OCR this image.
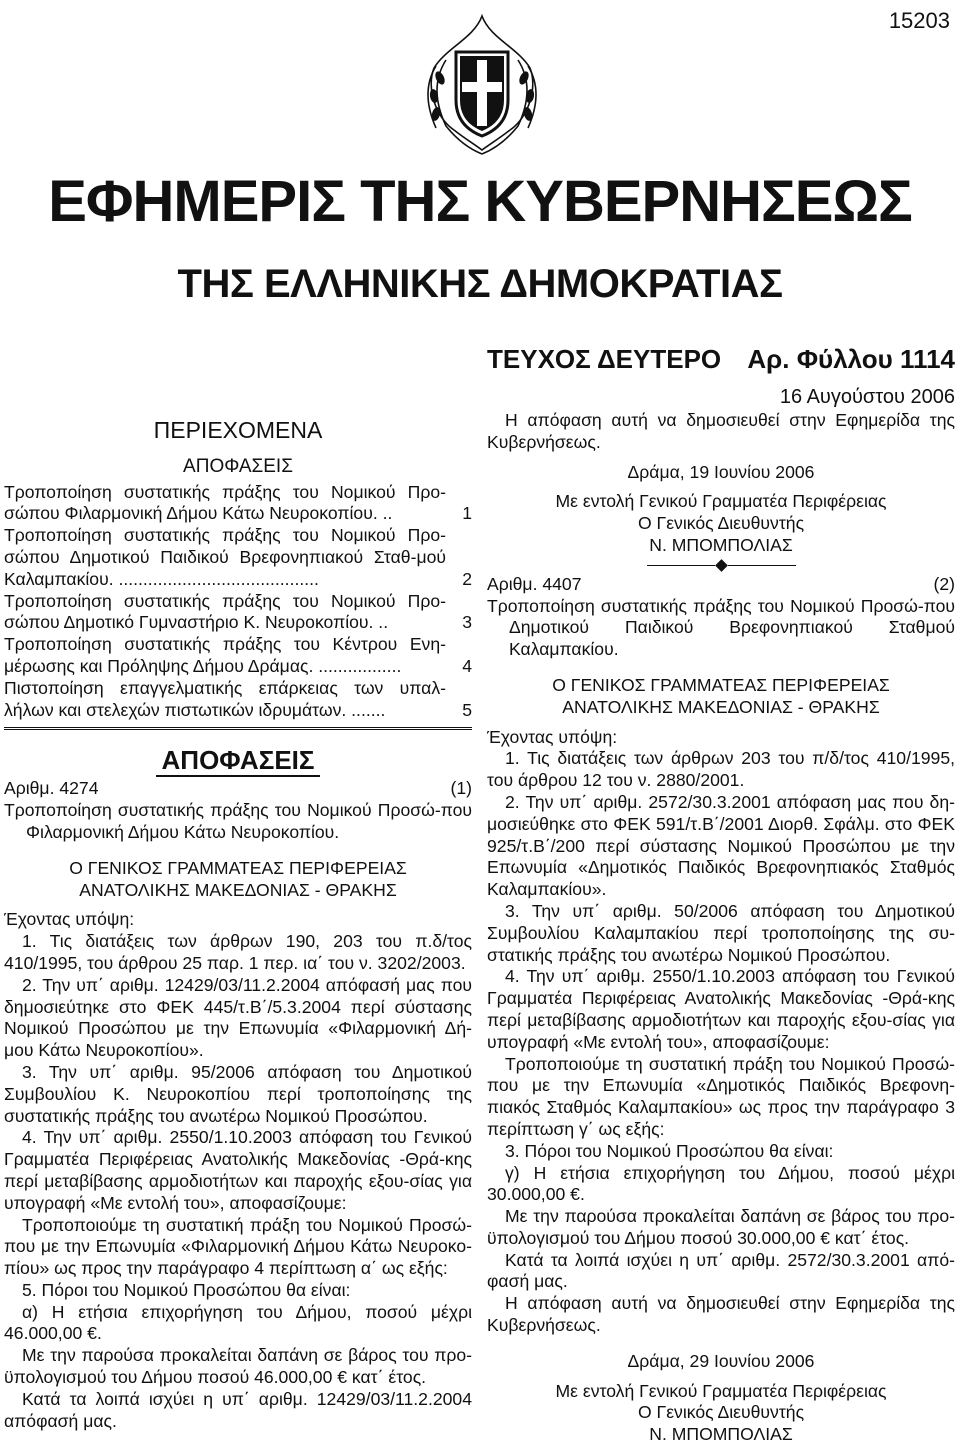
15203
ΕΦΗΜΕΡΙΣ ΤΗΣ ΚΥΒΕΡΝΗΣΕΩΣ
ΤΗΣ ΕΛΛΗΝΙΚΗΣ ΔΗΜΟΚΡΑΤΙΑΣ
ΤΕΥΧΟΣ ΔΕΥΤΕΡΟ Αρ. Φύλλου 1114

ΠΕΡΙΕΧΟΜΕΝΑ

ΑΠΟΦΑΣΕΙΣ

Τροποποίηση συστατικής πράξης του Νομικού Προ-σώπου Φιλαρμονική Δήμου Κάτω Νευροκοπίου. ..	1
Τροποποίηση συστατικής πράξης του Νομικού Προ-σώπου Δημοτικού Παιδικού Βρεφονηπιακού Σταθ-μού Καλαμπακίου. .........................................	2
Τροποποίηση συστατικής πράξης του Νομικού Προ-σώπου Δημοτικό Γυμναστήριο Κ. Νευροκοπίου. ..	3
Τροποποίηση συστατικής πράξης του Κέντρου Ενη-μέρωσης και Πρόληψης Δήμου Δράμας. .................	4
Πιστοποίηση επαγγελματικής επάρκειας των υπαλ-λήλων και στελεχών πιστωτικών ιδρυμάτων. .......	5
ΑΠΟΦΑΣΕΙΣ
Αριθμ. 4274	(1)

Τροποποίηση συστατικής πράξης του Νομικού Προσώ-που Φιλαρμονική Δήμου Κάτω Νευροκοπίου.

Ο ΓΕΝΙΚΟΣ ΓΡΑΜΜΑΤΕΑΣ ΠΕΡΙΦΕΡΕΙΑΣ

ΑΝΑΤΟΛΙΚΗΣ ΜΑΚΕΔΟΝΙΑΣ - ΘΡΑΚΗΣ

Έχοντας υπόψη:

1. Τις διατάξεις των άρθρων 190, 203 του π.δ/τος 410/1995, του άρθρου 25 παρ. 1 περ. ια΄ του ν. 3202/2003.

2. Την υπ΄ αριθμ. 12429/03/11.2.2004 απόφασή μας που δημοσιεύτηκε στο ΦΕΚ 445/τ.Β΄/5.3.2004 περί σύστασης Νομικού Προσώπου με την Επωνυμία «Φιλαρμονική Δή-μου Κάτω Νευροκοπίου».

3. Την υπ΄ αριθμ. 95/2006 απόφαση του Δημοτικού Συμβουλίου Κ. Νευροκοπίου περί τροποποίησης της συστατικής πράξης του ανωτέρω Νομικού Προσώπου.

4. Την υπ΄ αριθμ. 2550/1.10.2003 απόφαση του Γενικού Γραμματέα Περιφέρειας Ανατολικής Μακεδονίας -Θρά-κης περί μεταβίβασης αρμοδιοτήτων και παροχής εξου-σίας για υπογραφή «Με εντολή του», αποφασίζουμε:

Τροποποιούμε τη συστατική πράξη του Νομικού Προσώ-που με την Επωνυμία «Φιλαρμονική Δήμου Κάτω Νευροκο-πίου» ως προς την παράγραφο 4 περίπτωση α΄ ως εξής:

5. Πόροι του Νομικού Προσώπου θα είναι:

α) Η ετήσια επιχορήγηση του Δήμου, ποσού μέχρι 46.000,00 €.

Με την παρούσα προκαλείται δαπάνη σε βάρος του προ-ϋπολογισμού του Δήμου ποσού 46.000,00 € κατ΄ έτος.

Κατά τα λοιπά ισχύει η υπ΄ αριθμ. 12429/03/11.2.2004 απόφασή μας.

16 Αυγούστου 2006

Η απόφαση αυτή να δημοσιευθεί στην Εφημερίδα της Κυβερνήσεως.

Δράμα, 19 Ιουνίου 2006

Με εντολή Γενικού Γραμματέα Περιφέρειας

Ο Γενικός Διευθυντής

Ν. ΜΠΟΜΠΟΛΙΑΣ

Αριθμ. 4407	(2)

Τροποποίηση συστατικής πράξης του Νομικού Προσώ-που Δημοτικού Παιδικού Βρεφονηπιακού Σταθμού Καλαμπακίου.

Ο ΓΕΝΙΚΟΣ ΓΡΑΜΜΑΤΕΑΣ ΠΕΡΙΦΕΡΕΙΑΣ

ΑΝΑΤΟΛΙΚΗΣ ΜΑΚΕΔΟΝΙΑΣ - ΘΡΑΚΗΣ

Έχοντας υπόψη:

1. Τις διατάξεις των άρθρων 203 του π/δ/τος 410/1995, του άρθρου 12 του ν. 2880/2001.

2. Την υπ΄ αριθμ. 2572/30.3.2001 απόφαση μας που δη-μοσιεύθηκε στο ΦΕΚ 591/τ.Β΄/2001 Διορθ. Σφάλμ. στο ΦΕΚ 925/τ.Β΄/200 περί σύστασης Νομικού Προσώπου με την Επωνυμία «Δημοτικός Παιδικός Βρεφονηπιακός Σταθμός Καλαμπακίου».

3. Την υπ΄ αριθμ. 50/2006 απόφαση του Δημοτικού Συμβουλίου Καλαμπακίου περί τροποποίησης της συ-στατικής πράξης του ανωτέρω Νομικού Προσώπου.

4. Την υπ΄ αριθμ. 2550/1.10.2003 απόφαση του Γενικού Γραμματέα Περιφέρειας Ανατολικής Μακεδονίας -Θρά-κης περί μεταβίβασης αρμοδιοτήτων και παροχής εξου-σίας για υπογραφή «Με εντολή του», αποφασίζουμε:

Τροποποιούμε τη συστατική πράξη του Νομικού Προσώ-που με την Επωνυμία «Δημοτικός Παιδικός Βρεφονη-πιακός Σταθμός Καλαμπακίου» ως προς την παράγραφο 3 περίπτωση γ΄ ως εξής:

3. Πόροι του Νομικού Προσώπου θα είναι:

γ) Η ετήσια επιχορήγηση του Δήμου, ποσού μέχρι 30.000,00 €.

Με την παρούσα προκαλείται δαπάνη σε βάρος του προ-ϋπολογισμού του Δήμου ποσού 30.000,00 € κατ΄ έτος.

Κατά τα λοιπά ισχύει η υπ΄ αριθμ. 2572/30.3.2001 από-φασή μας.

Η απόφαση αυτή να δημοσιευθεί στην Εφημερίδα της Κυβερνήσεως.

Δράμα, 29 Ιουνίου 2006

Με εντολή Γενικού Γραμματέα Περιφέρειας

Ο Γενικός Διευθυντής

Ν. ΜΠΟΜΠΟΛΙΑΣ
